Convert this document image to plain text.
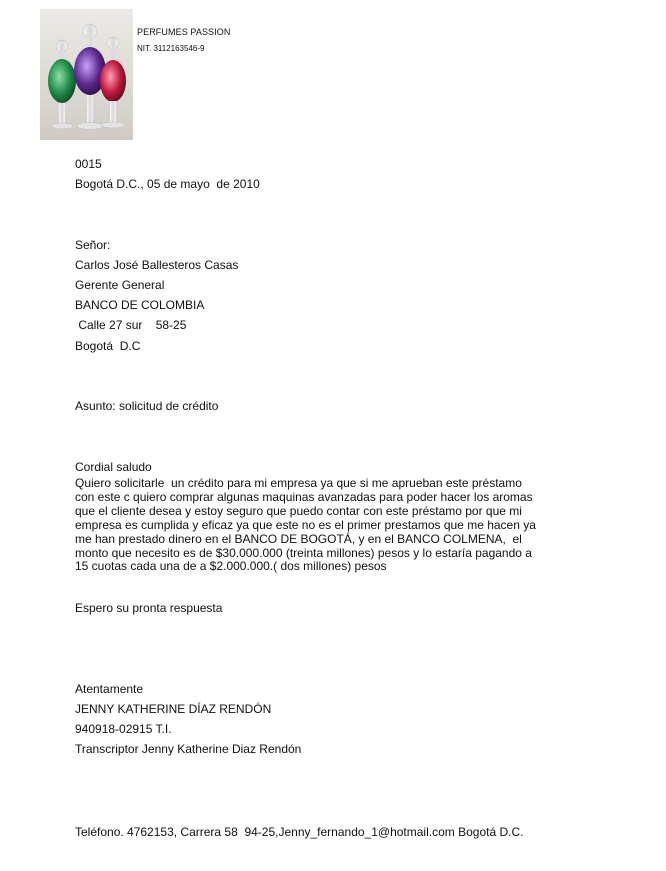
PERFUMES PASSION
NIT. 3112163546-9
0015
Bogotá D.C., 05 de mayo  de 2010
Señor:
Carlos José Ballesteros Casas
Gerente General
BANCO DE COLOMBIA
Calle 27 sur    58-25
Bogotá  D.C
Asunto: solicitud de crédito
Cordial saludo
Quiero solicitarle  un crédito para mi empresa ya que si me aprueban este préstamo
con este c quiero comprar algunas maquinas avanzadas para poder hacer los aromas
que el cliente desea y estoy seguro que puedo contar con este préstamo por que mi
empresa es cumplida y eficaz ya que este no es el primer prestamos que me hacen ya
me han prestado dinero en el BANCO DE BOGOTÁ, y en el BANCO COLMENA,  el
monto que necesito es de $30.000.000 (treinta millones) pesos y lo estaría pagando a
15 cuotas cada una de a $2.000.000.( dos millones) pesos
Espero su pronta respuesta
Atentamente
JENNY KATHERINE DÍAZ RENDÓN
940918-02915 T.I.
Transcriptor Jenny Katherine Diaz Rendón
Teléfono. 4762153, Carrera 58  94-25,Jenny_fernando_1@hotmail.com Bogotá D.C.
